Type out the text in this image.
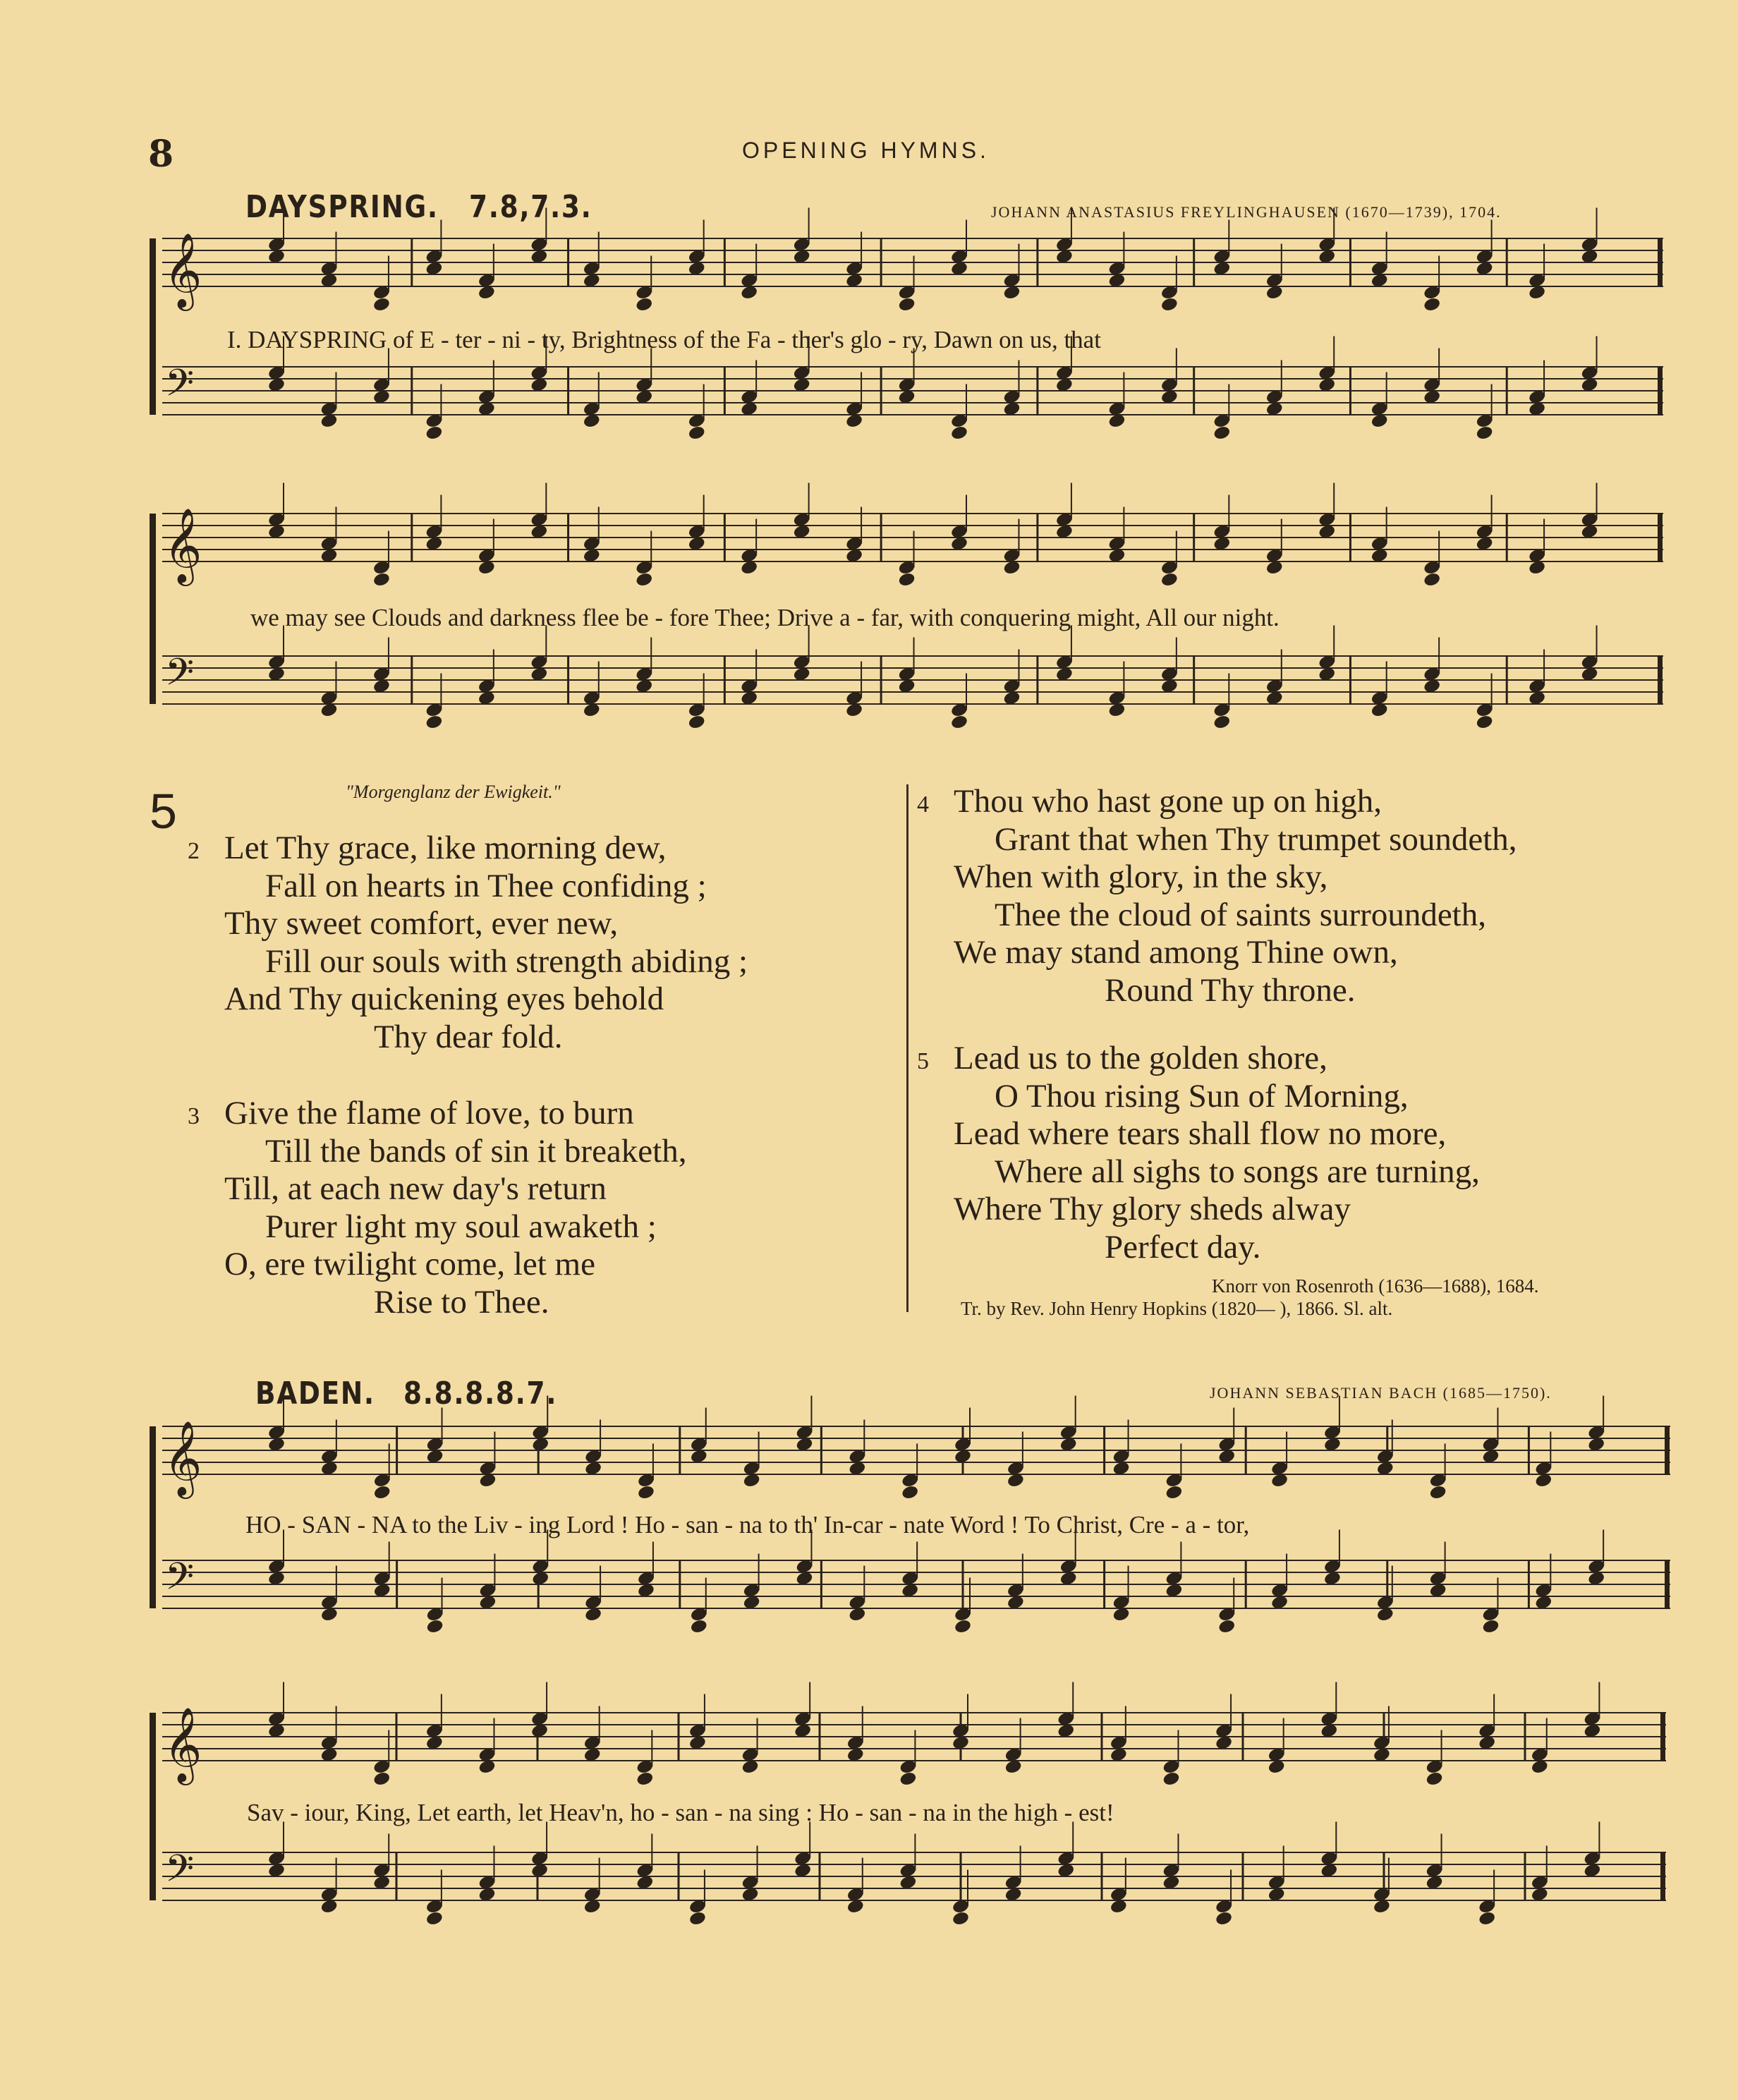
8	OPENING HYMNS.
DAYSPRING. 7.8,7.3.	JOHANN ANASTASIUS FREYLINGHAUSEN (1670—1739), 1704.
𝄞
𝄢
𝄞
𝄢
𝄞
𝄢
𝄞
𝄢
I. DAYSPRING of E - ter - ni - ty, Brightness of the Fa - ther's glo - ry, Dawn on us, that
we may see Clouds and darkness flee be - fore Thee; Drive a - far, with conquering might, All our night.
5	"Morgenglanz der Ewigkeit."
2 Let Thy grace, like morning dew,
Fall on hearts in Thee confiding ;
Thy sweet comfort, ever new,
Fill our souls with strength abiding ;
And Thy quickening eyes behold
Thy dear fold.
3 Give the flame of love, to burn
Till the bands of sin it breaketh,
Till, at each new day's return
Purer light my soul awaketh ;
O, ere twilight come, let me
Rise to Thee.
4 Thou who hast gone up on high,
Grant that when Thy trumpet soundeth,
When with glory, in the sky,
Thee the cloud of saints surroundeth,
We may stand among Thine own,
Round Thy throne.
5 Lead us to the golden shore,
O Thou rising Sun of Morning,
Lead where tears shall flow no more,
Where all sighs to songs are turning,
Where Thy glory sheds alway
Perfect day.
Knorr von Rosenroth (1636—1688), 1684.
Tr. by Rev. John Henry Hopkins (1820— ), 1866. Sl. alt.
BADEN. 8.8.8.8.7.	JOHANN SEBASTIAN BACH (1685—1750).
HO - SAN - NA to the Liv - ing Lord ! Ho - san - na to th' In-car - nate Word ! To Christ, Cre - a - tor,
Sav - iour, King, Let earth, let Heav'n, ho - san - na sing : Ho - san - na in the high - est!
